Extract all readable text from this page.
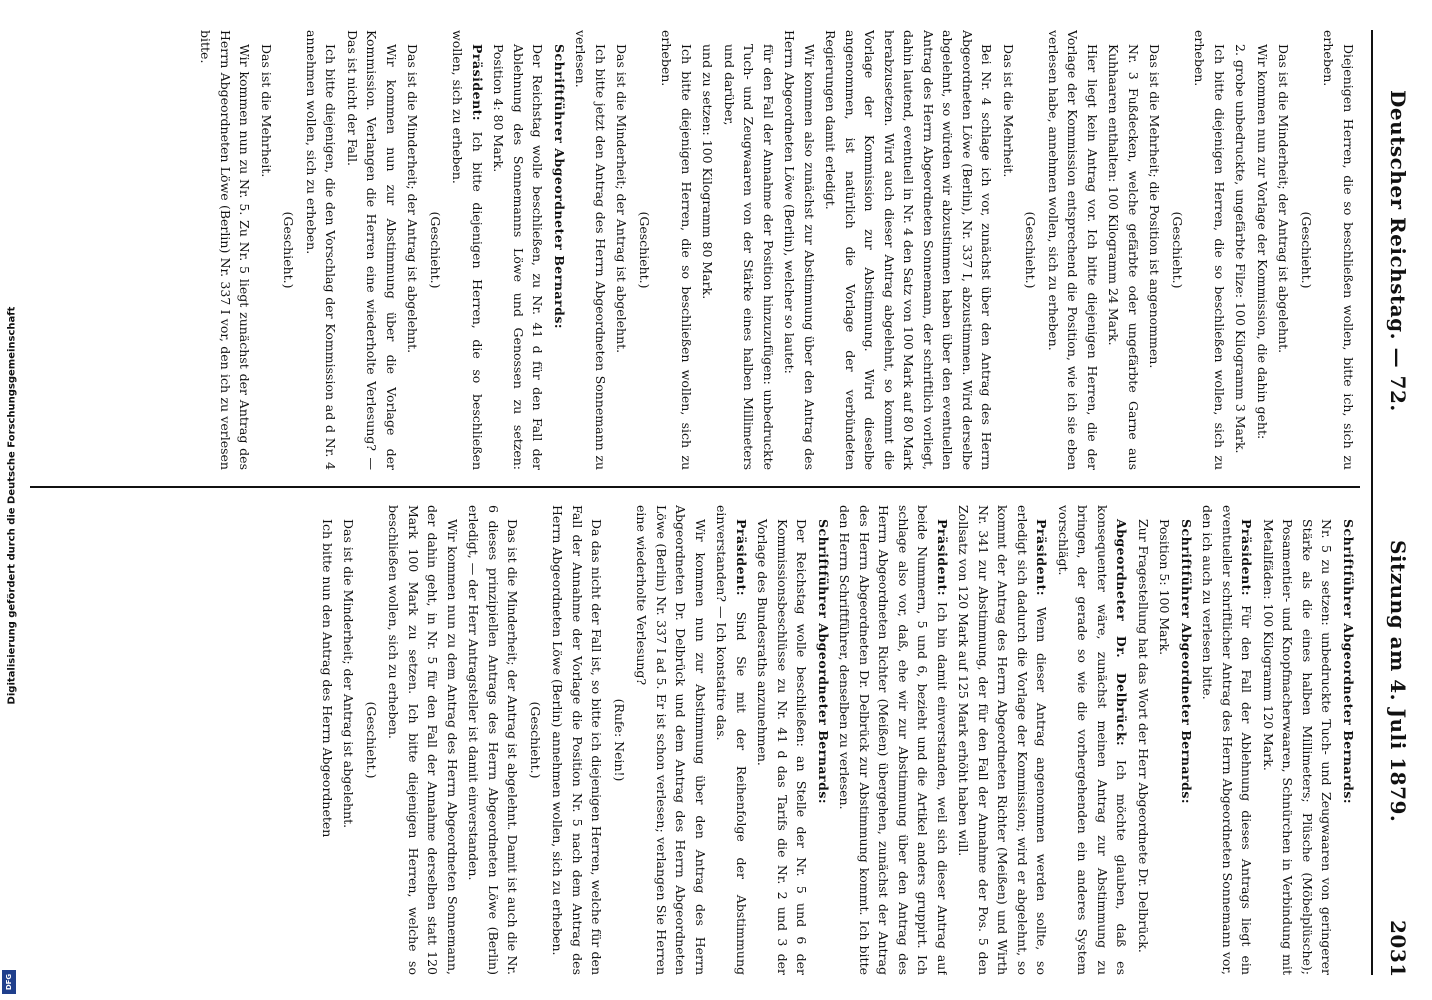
Deutscher Reichstag. — 72.
Sitzung am 4. Juli 1879.
2031

Diejenigen Herren, die so beschließen wollen, bitte ich, sich zu erheben.

(Geschieht.)

Das ist die Minderheit; der Antrag ist abgelehnt.

Wir kommen nun zur Vorlage der Kommission, die dahin geht:

2. grobe unbedruckte, ungefärbte Filze: 100 Kilogramm 3 Mark.

Ich bitte diejenigen Herren, die so beschließen wollen, sich zu erheben.

(Geschieht.)

Das ist die Mehrheit; die Position ist angenommen.

Nr. 3 Fußdecken, welche gefärbte oder ungefärbte Garne aus Kuhhaaren enthalten: 100 Kilogramm 24 Mark.

Hier liegt kein Antrag vor. Ich bitte diejenigen Herren, die der Vorlage der Kommission entsprechend die Position, wie ich sie eben verlesen habe, annehmen wollen, sich zu erheben.

(Geschieht.)

Das ist die Mehrheit.

Bei Nr. 4 schlage ich vor, zunächst über den Antrag des Herrn Abgeordneten Löwe (Berlin), Nr. 337 I, abzustimmen. Wird derselbe abgelehnt, so würden wir abzustimmen haben über den eventuellen Antrag des Herrn Abgeordneten Sonnemann, der schriftlich vorliegt, dahin lautend, eventuell in Nr. 4 den Satz von 100 Mark auf 80 Mark herabzusetzen. Wird auch dieser Antrag abgelehnt, so kommt die Vorlage der Kommission zur Abstimmung. Wird dieselbe angenommen, ist natürlich die Vorlage der verbündeten Regierungen damit erledigt.

Wir kommen also zunächst zur Abstimmung über den Antrag des Herrn Abgeordneten Löwe (Berlin), welcher so lautet:

für den Fall der Annahme der Position hinzuzufügen: unbedruckte Tuch- und Zeugwaaren von der Stärke eines halben Millimeters und darüber,

und zu setzen: 100 Kilogramm 80 Mark.

Ich bitte diejenigen Herren, die so beschließen wollen, sich zu erheben.

(Geschieht.)

Das ist die Minderheit; der Antrag ist abgelehnt.

Ich bitte jetzt den Antrag des Herrn Abgeordneten Sonnemann zu verlesen.

Schriftführer Abgeordneter Bernards:

Der Reichstag wolle beschließen, zu Nr. 41 d für den Fall der Ablehnung des Sonnemanns Löwe und Genossen zu setzen: Position 4: 80 Mark.

Präsident: Ich bitte diejenigen Herren, die so beschließen wollen, sich zu erheben.

(Geschieht.)

Das ist die Minderheit; der Antrag ist abgelehnt.

Wir kommen nun zur Abstimmung über die Vorlage der Kommission. Verlangen die Herren eine wiederholte Verlesung? — Das ist nicht der Fall.

Ich bitte diejenigen, die den Vorschlag der Kommission ad d Nr. 4 annehmen wollen, sich zu erheben.

(Geschieht.)

Das ist die Mehrheit.

Wir kommen nun zu Nr. 5. Zu Nr. 5 liegt zunächst der Antrag des Herrn Abgeordneten Löwe (Berlin) Nr. 337 I vor, den ich zu verlesen bitte.

Schriftführer Abgeordneter Bernards:

Nr. 5 zu setzen: unbedruckte Tuch- und Zeugwaaren von geringerer Stärke als die eines halben Millimeters; Plüsche (Möbelplüsche); Posamentier- und Knopfmacherwaaren, Schnürchen in Verbindung mit Metallfäden: 100 Kilogramm 120 Mark.

Präsident: Für den Fall der Ablehnung dieses Antrags liegt ein eventueller schriftlicher Antrag des Herrn Abgeordneten Sonnemann vor, den ich auch zu verlesen bitte.

Schriftführer Abgeordneter Bernards:

Position 5: 100 Mark.

Zur Fragestellung hat das Wort der Herr Abgeordnete Dr. Delbrück.

Abgeordneter Dr. Delbrück: Ich möchte glauben, daß es konsequenter wäre, zunächst meinen Antrag zur Abstimmung zu bringen, der gerade so wie die vorhergehenden ein anderes System vorschlägt.

Präsident: Wenn dieser Antrag angenommen werden sollte, so erledigt sich dadurch die Vorlage der Kommission; wird er abgelehnt, so kommt der Antrag des Herrn Abgeordneten Richter (Meißen) und Wirth Nr. 341 zur Abstimmung, der für den Fall der Annahme der Pos. 5 den Zollsatz von 120 Mark auf 125 Mark erhöht haben will.

Präsident: Ich bin damit einverstanden, weil sich dieser Antrag auf beide Nummern, 5 und 6, bezieht und die Artikel anders gruppirt. Ich schlage also vor, daß, ehe wir zur Abstimmung über den Antrag des Herrn Abgeordneten Richter (Meißen) übergehen, zunächst der Antrag des Herrn Abgeordneten Dr. Delbrück zur Abstimmung kommt. Ich bitte den Herrn Schriftführer, denselben zu verlesen.

Schriftführer Abgeordneter Bernards:

Der Reichstag wolle beschließen: an Stelle der Nr. 5 und 6 der Kommissionsbeschlüsse zu Nr. 41 d das Tarifs die Nr. 2 und 3 der Vorlage des Bundesraths anzunehmen.

Präsident: Sind Sie mit der Reihenfolge der Abstimmung einverstanden? — Ich konstatire das.

Wir kommen nun zur Abstimmung über den Antrag des Herrn Abgeordneten Dr. Delbrück und dem Antrag des Herrn Abgeordneten Löwe (Berlin) Nr. 337 I ad 5. Er ist schon verlesen; verlangen Sie Herren eine wiederholte Verlesung?

(Rufe: Nein!)

Da das nicht der Fall ist, so bitte ich diejenigen Herren, welche für den Fall der Annahme der Vorlage die Position Nr. 5 nach dem Antrag des Herrn Abgeordneten Löwe (Berlin) annehmen wollen, sich zu erheben.

(Geschieht.)

Das ist die Minderheit; der Antrag ist abgelehnt. Damit ist auch die Nr. 6 dieses prinzipiellen Antrags des Herrn Abgeordneten Löwe (Berlin) erledigt, — der Herr Antragsteller ist damit einverstanden.

Wir kommen nun zu dem Antrag des Herrn Abgeordneten Sonnemann, der dahin geht, in Nr. 5 für den Fall der Annahme derselben statt 120 Mark 100 Mark zu setzen. Ich bitte diejenigen Herren, welche so beschließen wollen, sich zu erheben.

(Geschieht.)

Das ist die Minderheit; der Antrag ist abgelehnt.

Ich bitte nun den Antrag des Herrn Abgeordneten

Digitalisierung gefördert durch die Deutsche Forschungsgemeinschaft
DFG
